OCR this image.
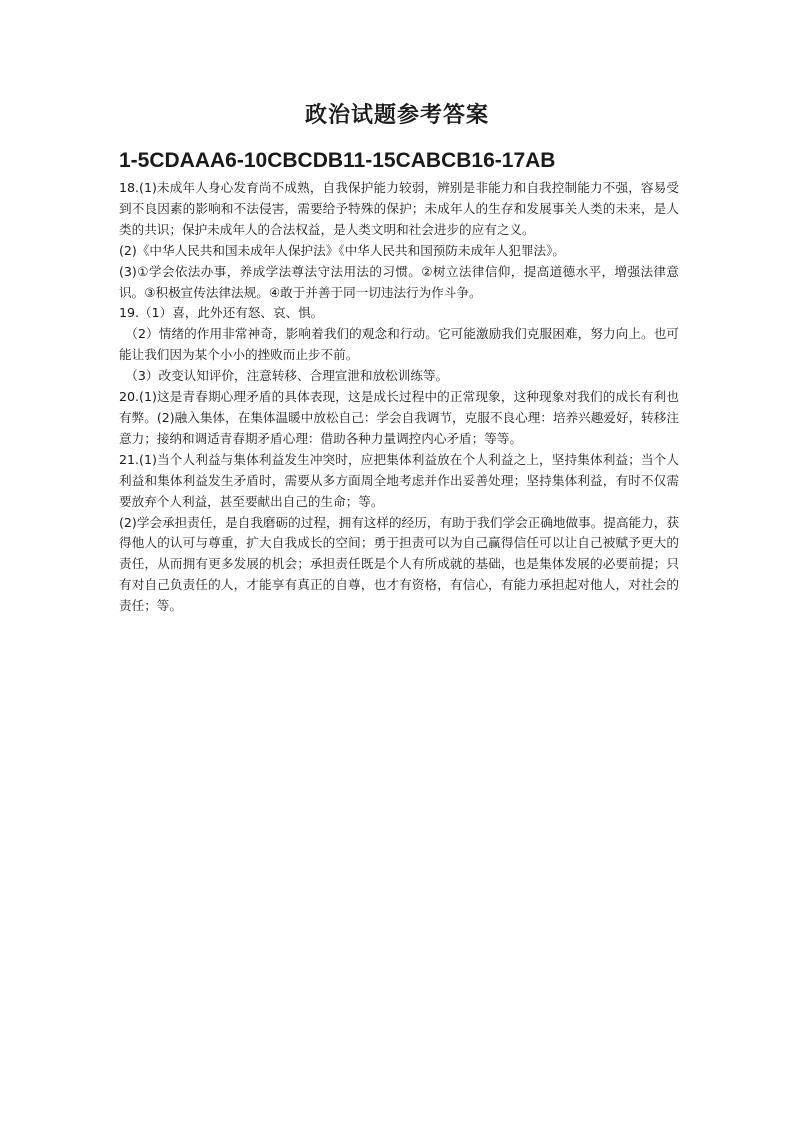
政治试题参考答案
1-5CDAAA6-10CBCDB11-15CABCB16-17AB

18.(1)未成年人身心发育尚不成熟，自我保护能力较弱，辨别是非能力和自我控制能力不强，容易受到不良因素的影响和不法侵害，需要给予特殊的保护；未成年人的生存和发展事关人类的未来，是人类的共识；保护未成年人的合法权益，是人类文明和社会进步的应有之义。

(2)《中华人民共和国未成年人保护法》《中华人民共和国预防未成年人犯罪法》。

(3)①学会依法办事，养成学法尊法守法用法的习惯。②树立法律信仰，提高道德水平，增强法律意识。③积极宣传法律法规。④敢于并善于同一切违法行为作斗争。

19.（1）喜，此外还有怒、哀、惧。

（2）情绪的作用非常神奇，影响着我们的观念和行动。它可能激励我们克服困难，努力向上。也可能让我们因为某个小小的挫败而止步不前。

（3）改变认知评价，注意转移、合理宣泄和放松训练等。

20.(1)这是青春期心理矛盾的具体表现，这是成长过程中的正常现象，这种现象对我们的成长有利也有弊。(2)融入集体，在集体温暖中放松自己：学会自我调节，克服不良心理：培养兴趣爱好，转移注意力；接纳和调适青春期矛盾心理：借助各种力量调控内心矛盾；等等。

21.(1)当个人利益与集体利益发生冲突时，应把集体利益放在个人利益之上，坚持集体利益；当个人利益和集体利益发生矛盾时，需要从多方面周全地考虑并作出妥善处理；坚持集体利益，有时不仅需要放弃个人利益，甚至要献出自己的生命；等。

(2)学会承担责任，是自我磨砺的过程，拥有这样的经历，有助于我们学会正确地做事。提高能力，获得他人的认可与尊重，扩大自我成长的空间；勇于担责可以为自己赢得信任可以让自己被赋予更大的责任，从而拥有更多发展的机会；承担责任既是个人有所成就的基础，也是集体发展的必要前提；只有对自己负责任的人，才能享有真正的自尊，也才有资格，有信心，有能力承担起对他人，对社会的责任；等。
